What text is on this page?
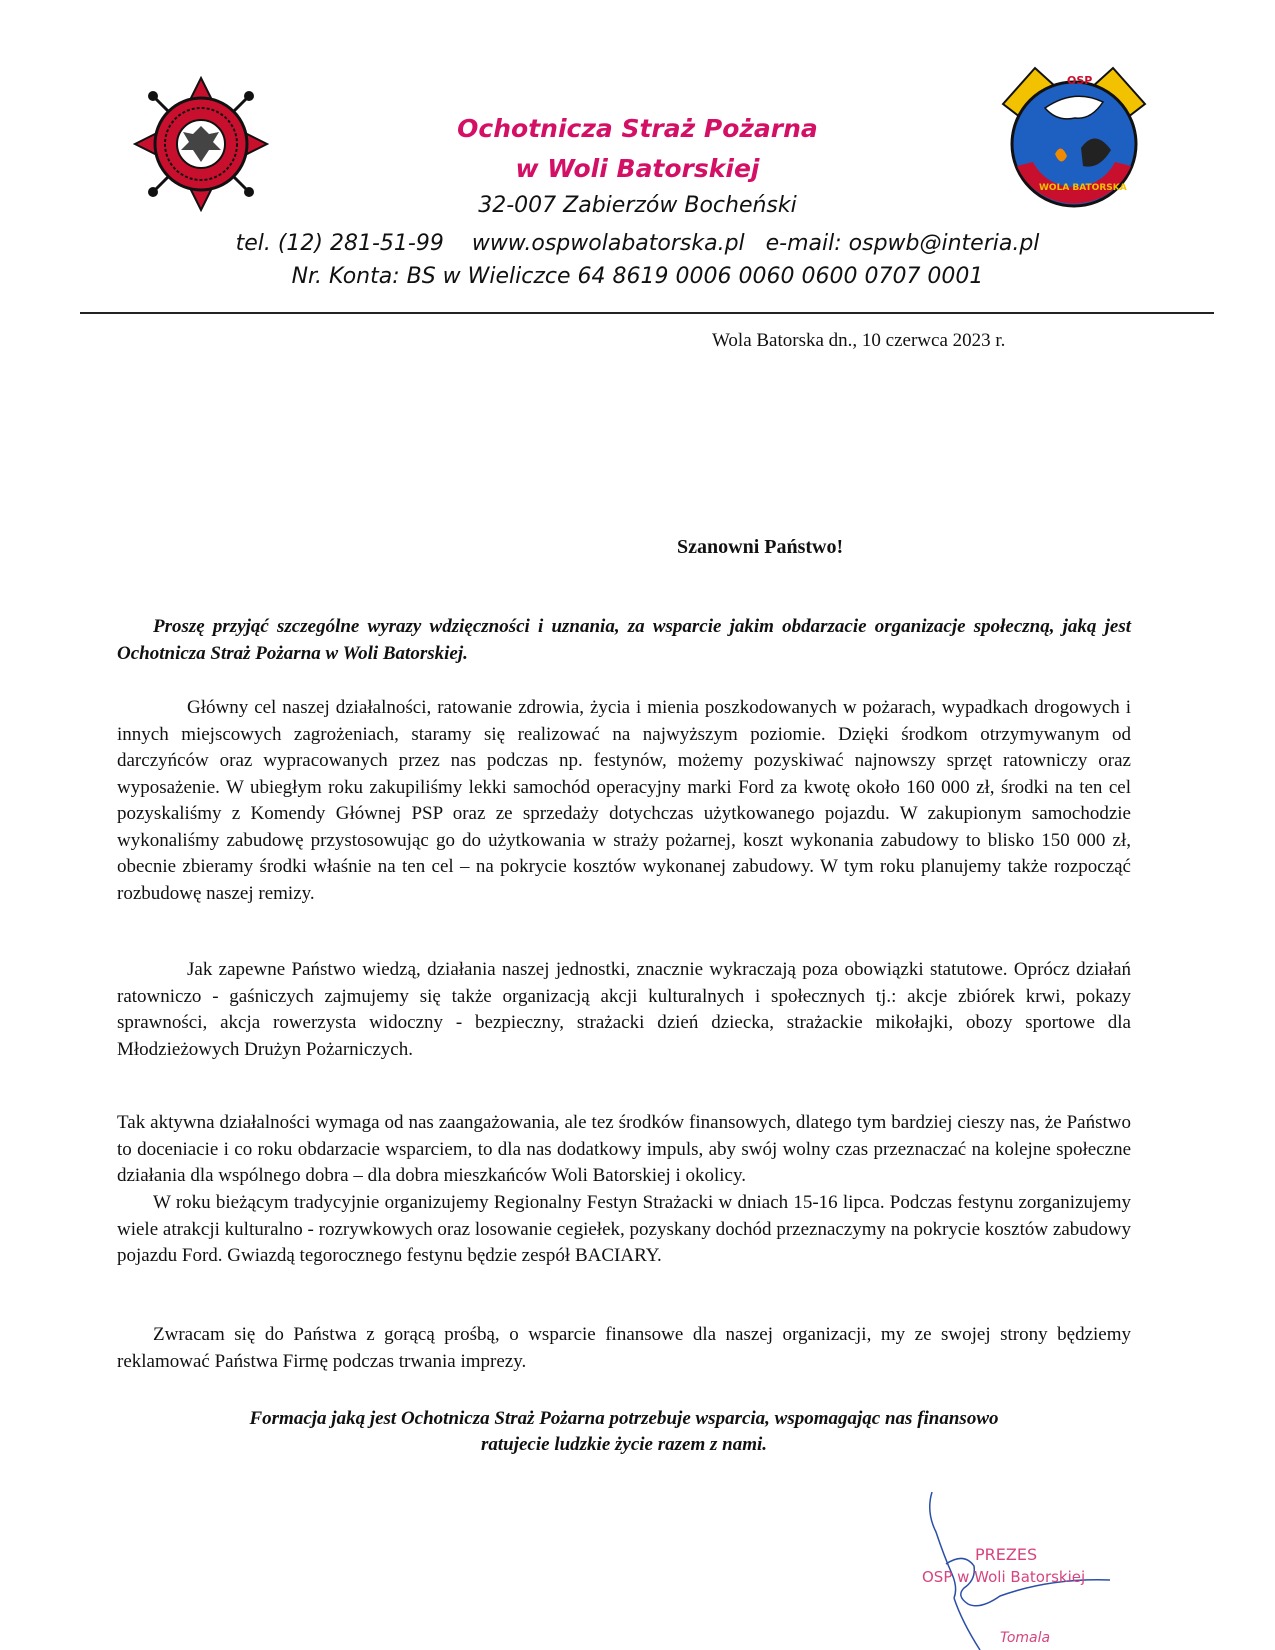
OSP
WOLA BATORSKA
Ochotnicza Straż Pożarna
w Woli Batorskiej
32-007 Zabierzów Bocheński
tel. (12) 281-51-99    www.ospwolabatorska.pl   e-mail: ospwb@interia.pl
Nr. Konta: BS w Wieliczce 64 8619 0006 0060 0600 0707 0001
Wola Batorska dn., 10 czerwca 2023 r.
Szanowni Państwo!
Proszę przyjąć szczególne wyrazy wdzięczności i uznania, za wsparcie jakim obdarzacie organizacje społeczną, jaką jest Ochotnicza Straż Pożarna w Woli Batorskiej.
Główny cel naszej działalności, ratowanie zdrowia, życia i mienia poszkodowanych w pożarach, wypadkach drogowych i innych miejscowych zagrożeniach, staramy się realizować na najwyższym poziomie. Dzięki środkom otrzymywanym od darczyńców oraz wypracowanych przez nas podczas np. festynów, możemy pozyskiwać najnowszy sprzęt ratowniczy oraz wyposażenie. W ubiegłym roku zakupiliśmy lekki samochód operacyjny marki Ford za kwotę około 160 000 zł, środki na ten cel pozyskaliśmy z Komendy Głównej PSP oraz ze sprzedaży dotychczas użytkowanego pojazdu. W zakupionym samochodzie wykonaliśmy zabudowę przystosowując go do użytkowania w straży pożarnej, koszt wykonania zabudowy to blisko 150 000 zł, obecnie zbieramy środki właśnie na ten cel – na pokrycie kosztów wykonanej zabudowy. W tym roku planujemy także rozpocząć rozbudowę naszej remizy.
Jak zapewne Państwo wiedzą, działania naszej jednostki, znacznie wykraczają poza obowiązki statutowe. Oprócz działań ratowniczo - gaśniczych zajmujemy się także organizacją akcji kulturalnych i społecznych tj.: akcje zbiórek krwi, pokazy sprawności, akcja rowerzysta widoczny - bezpieczny, strażacki dzień dziecka, strażackie mikołajki, obozy sportowe dla Młodzieżowych Drużyn Pożarniczych.
Tak aktywna działalności wymaga od nas zaangażowania, ale tez środków finansowych, dlatego tym bardziej cieszy nas, że Państwo to doceniacie i co roku obdarzacie wsparciem, to dla nas dodatkowy impuls, aby swój wolny czas przeznaczać na kolejne społeczne działania dla wspólnego dobra – dla dobra mieszkańców Woli Batorskiej i okolicy.
W roku bieżącym tradycyjnie organizujemy Regionalny Festyn Strażacki w dniach 15-16 lipca. Podczas festynu zorganizujemy wiele atrakcji kulturalno - rozrywkowych oraz losowanie cegiełek, pozyskany dochód przeznaczymy na pokrycie kosztów zabudowy pojazdu Ford. Gwiazdą tegorocznego festynu będzie zespół BACIARY.
Zwracam się do Państwa z gorącą prośbą, o wsparcie finansowe dla naszej organizacji, my ze swojej strony będziemy reklamować Państwa Firmę podczas trwania imprezy.
Formacja jaką jest Ochotnicza Straż Pożarna potrzebuje wsparcia, wspomagając nas finansowo
ratujecie ludzkie życie razem z nami.
PREZES
OSP w Woli Batorskiej
Tomala
